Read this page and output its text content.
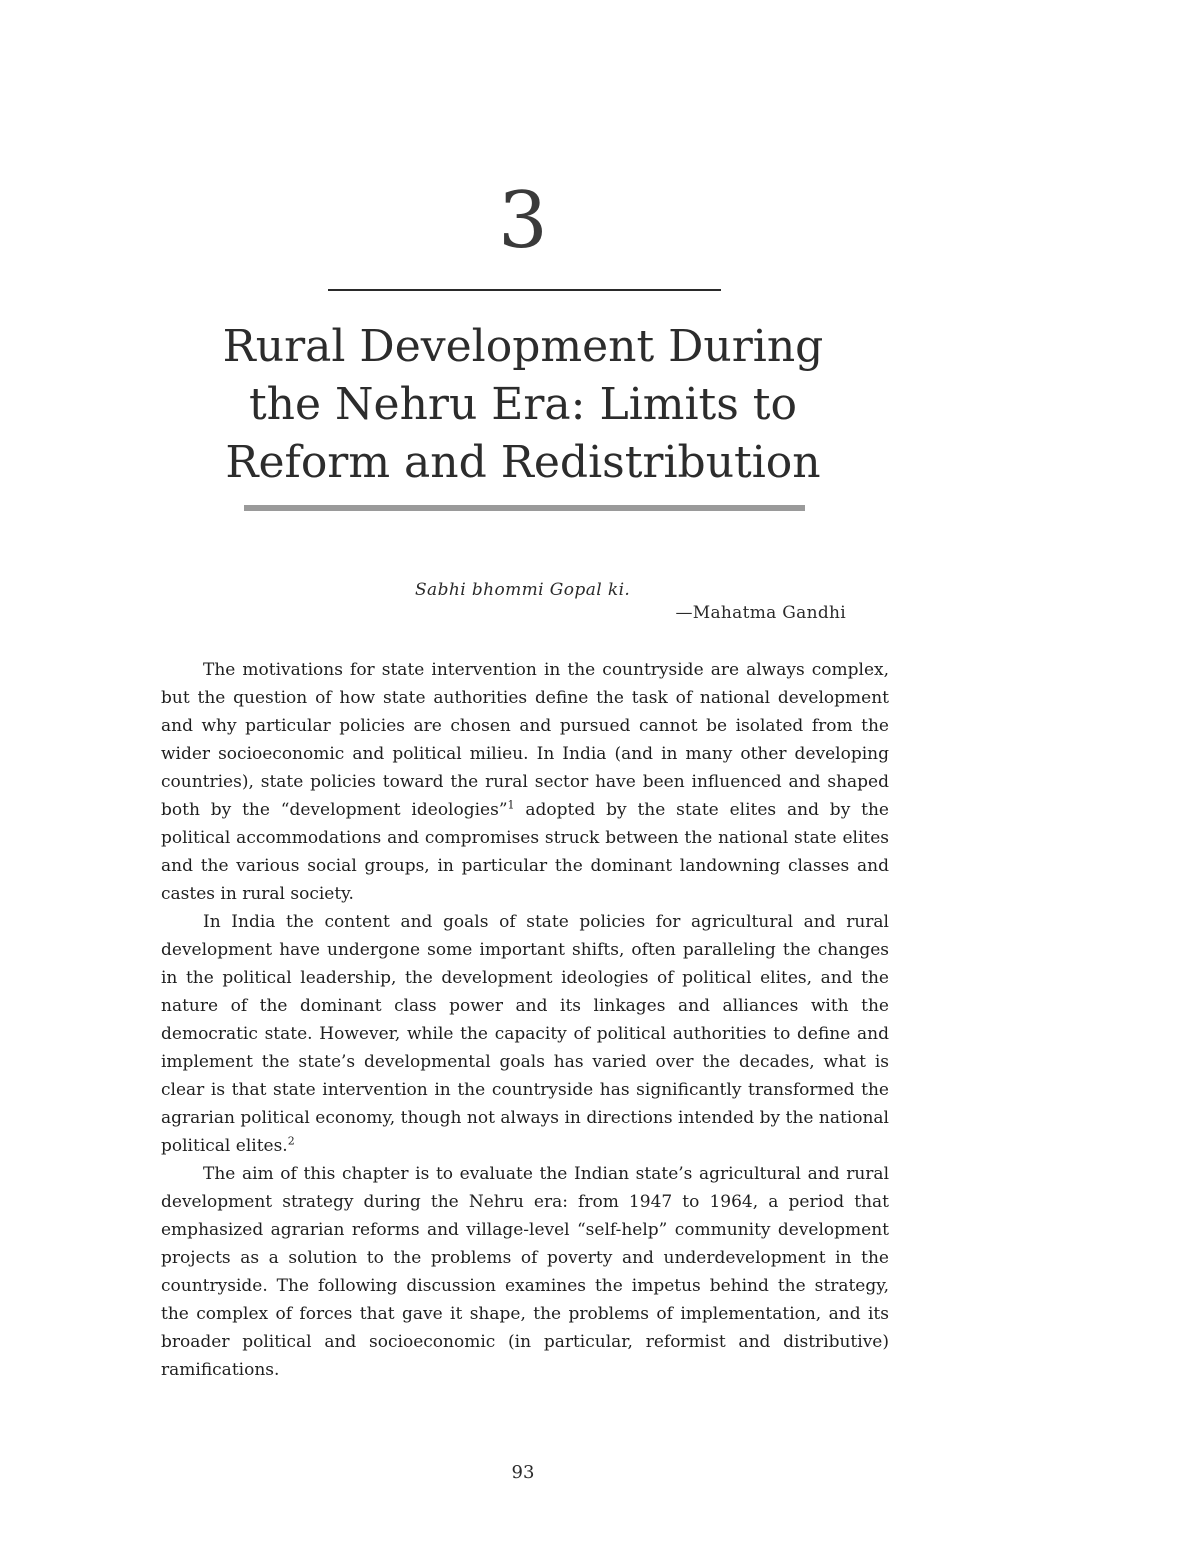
3
Rural Development During
the Nehru Era: Limits to
Reform and Redistribution
Sabhi bhommi Gopal ki.
—Mahatma Gandhi

The motivations for state intervention in the countryside are always complex, but the question of how state authorities define the task of national development and why particular policies are chosen and pursued cannot be isolated from the wider socioeconomic and political milieu. In India (and in many other developing countries), state policies toward the rural sector have been influenced and shaped both by the “development ideologies”$^1$ adopted by the state elites and by the political accommodations and compromises struck between the national state elites and the various social groups, in particular the dominant landowning classes and castes in rural society.

In India the content and goals of state policies for agricultural and rural development have undergone some important shifts, often paralleling the changes in the political leadership, the development ideologies of political elites, and the nature of the dominant class power and its linkages and alliances with the democratic state. However, while the capacity of political authorities to define and implement the state’s developmental goals has varied over the decades, what is clear is that state intervention in the countryside has significantly transformed the agrarian political economy, though not always in directions intended by the national political elites.$^2$

The aim of this chapter is to evaluate the Indian state’s agricultural and rural development strategy during the Nehru era: from 1947 to 1964, a period that emphasized agrarian reforms and village-level “self-help” community development projects as a solution to the problems of poverty and underdevelopment in the countryside. The following discussion examines the impetus behind the strategy, the complex of forces that gave it shape, the problems of implementation, and its broader political and socioeconomic (in particular, reformist and distributive) ramifications.

93
